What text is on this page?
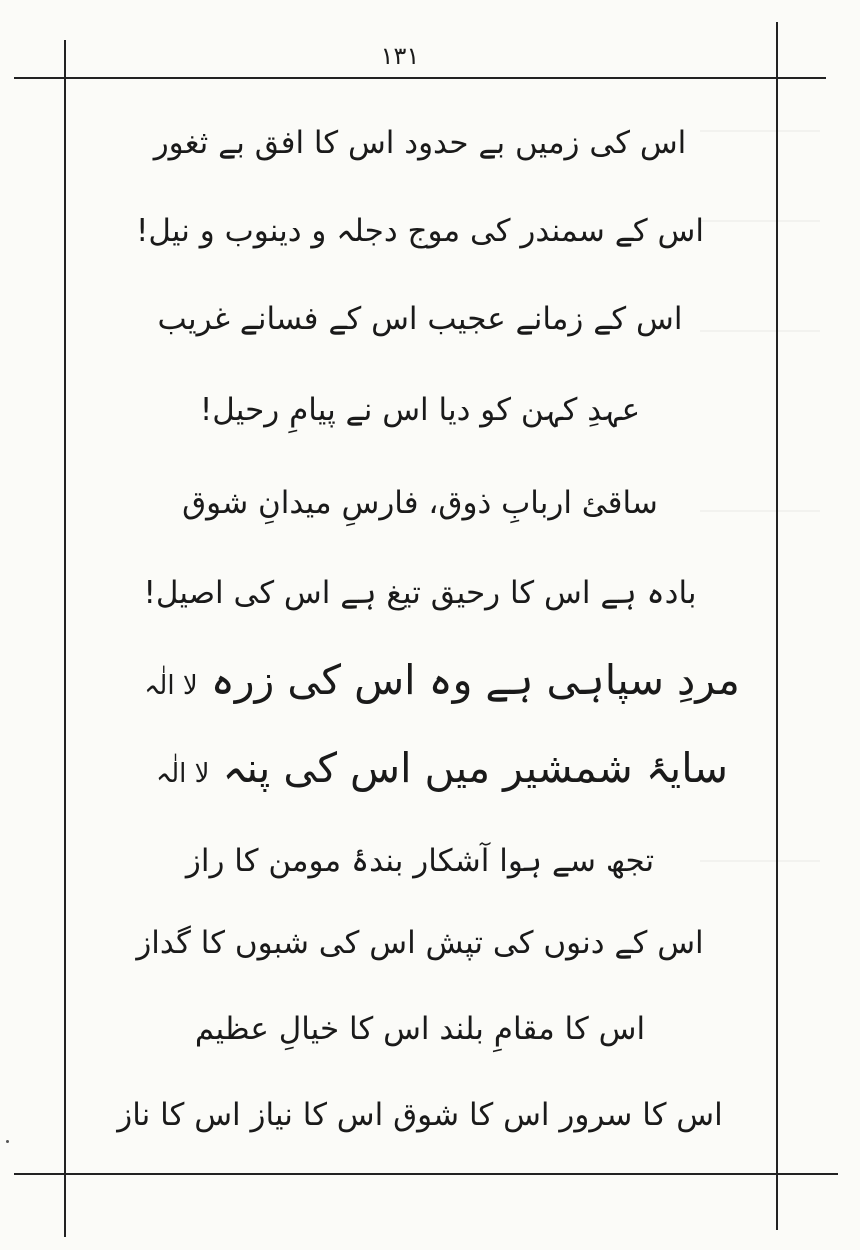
۱۳۱
اس کی زمیں بے حدود اس کا افق بے ثغور
اس کے سمندر کی موج دجلہ و دینوب و نیل!
اس کے زمانے عجیب اس کے فسانے غریب
عہدِ کہن کو دیا اس نے پیامِ رحیل!
ساقئ اربابِ ذوق، فارسِ میدانِ شوق
بادہ ہے اس کا رحیق تیغ ہے اس کی اصیل!
مردِ سپاہی ہے وہ اس کی زرہ لا الٰہ
سایۂ شمشیر میں اس کی پنہ لا الٰہ
تجھ سے ہوا آشکار بندۂ مومن کا راز
اس کے دنوں کی تپش اس کی شبوں کا گداز
اس کا مقامِ بلند اس کا خیالِ عظیم
اس کا سرور اس کا شوق اس کا نیاز اس کا ناز
